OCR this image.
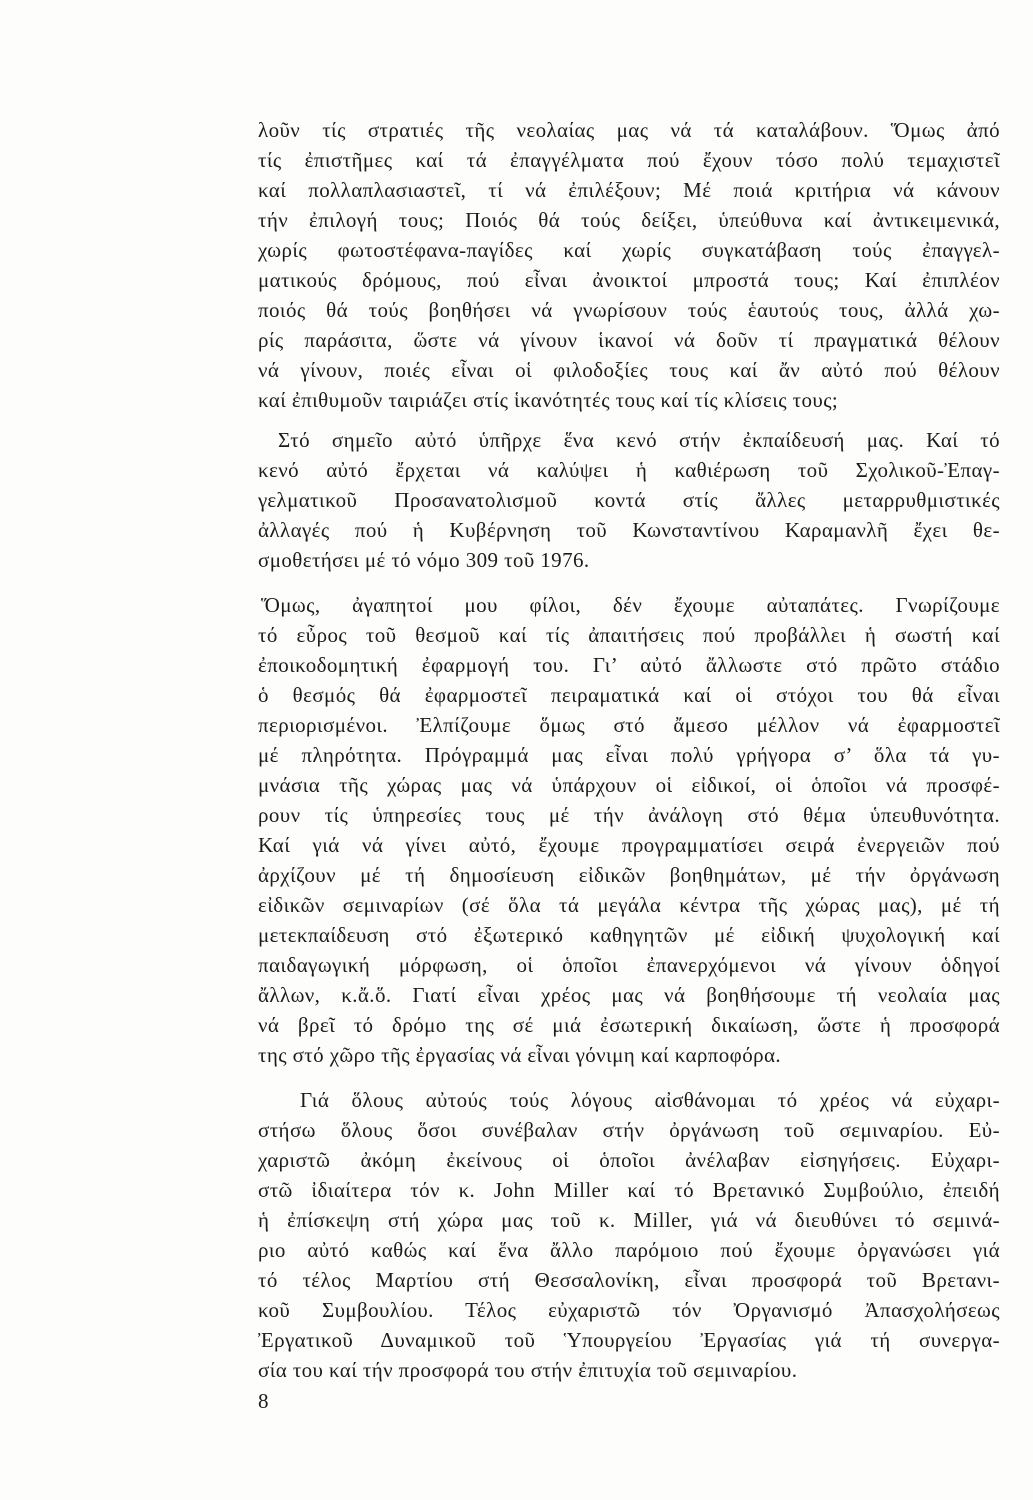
λοῦν τίς στρατιές τῆς νεολαίας μας νά τά καταλάβουν. Ὅμως ἀπό
τίς ἐπιστῆμες καί τά ἐπαγγέλματα πού ἔχουν τόσο πολύ τεμαχιστεῖ
καί πολλαπλασιαστεῖ, τί νά ἐπιλέξουν; Μέ ποιά κριτήρια νά κάνουν
τήν ἐπιλογή τους; Ποιός θά τούς δείξει, ὑπεύθυνα καί ἀντικειμενικά,
χωρίς φωτοστέφανα-παγίδες καί χωρίς συγκατάβαση τούς ἐπαγγελ-
ματικούς δρόμους, πού εἶναι ἀνοικτοί μπροστά τους; Καί ἐπιπλέον
ποιός θά τούς βοηθήσει νά γνωρίσουν τούς ἑαυτούς τους, ἀλλά χω-
ρίς παράσιτα, ὥστε νά γίνουν ἱκανοί νά δοῦν τί πραγματικά θέλουν
νά γίνουν, ποιές εἶναι οἱ φιλοδοξίες τους καί ἄν αὐτό πού θέλουν
καί ἐπιθυμοῦν ταιριάζει στίς ἱκανότητές τους καί τίς κλίσεις τους;
Στό σημεῖο αὐτό ὑπῆρχε ἕνα κενό στήν ἐκπαίδευσή μας. Καί τό
κενό αὐτό ἔρχεται νά καλύψει ἡ καθιέρωση τοῦ Σχολικοῦ-Ἐπαγ-
γελματικοῦ Προσανατολισμοῦ κοντά στίς ἄλλες μεταρρυθμιστικές
ἀλλαγές πού ἡ Κυβέρνηση τοῦ Κωνσταντίνου Καραμανλῆ ἔχει θε-
σμοθετήσει μέ τό νόμο 309 τοῦ 1976.
Ὅμως, ἀγαπητοί μου φίλοι, δέν ἔχουμε αὐταπάτες. Γνωρίζουμε
τό εὖρος τοῦ θεσμοῦ καί τίς ἀπαιτήσεις πού προβάλλει ἡ σωστή καί
ἐποικοδομητική ἐφαρμογή του. Γι’ αὐτό ἄλλωστε στό πρῶτο στάδιο
ὁ θεσμός θά ἐφαρμοστεῖ πειραματικά καί οἱ στόχοι του θά εἶναι
περιορισμένοι. Ἐλπίζουμε ὅμως στό ἄμεσο μέλλον νά ἐφαρμοστεῖ
μέ πληρότητα. Πρόγραμμά μας εἶναι πολύ γρήγορα σ’ ὅλα τά γυ-
μνάσια τῆς χώρας μας νά ὑπάρχουν οἱ εἰδικοί, οἱ ὁποῖοι νά προσφέ-
ρουν τίς ὑπηρεσίες τους μέ τήν ἀνάλογη στό θέμα ὑπευθυνότητα.
Καί γιά νά γίνει αὐτό, ἔχουμε προγραμματίσει σειρά ἐνεργειῶν πού
ἀρχίζουν μέ τή δημοσίευση εἰδικῶν βοηθημάτων, μέ τήν ὀργάνωση
εἰδικῶν σεμιναρίων (σέ ὅλα τά μεγάλα κέντρα τῆς χώρας μας), μέ τή
μετεκπαίδευση στό ἐξωτερικό καθηγητῶν μέ εἰδική ψυχολογική καί
παιδαγωγική μόρφωση, οἱ ὁποῖοι ἐπανερχόμενοι νά γίνουν ὁδηγοί
ἄλλων, κ.ἄ.ὅ. Γιατί εἶναι χρέος μας νά βοηθήσουμε τή νεολαία μας
νά βρεῖ τό δρόμο της σέ μιά ἐσωτερική δικαίωση, ὥστε ἡ προσφορά
της στό χῶρο τῆς ἐργασίας νά εἶναι γόνιμη καί καρποφόρα.
Γιά ὅλους αὐτούς τούς λόγους αἰσθάνομαι τό χρέος νά εὐχαρι-
στήσω ὅλους ὅσοι συνέβαλαν στήν ὀργάνωση τοῦ σεμιναρίου. Εὐ-
χαριστῶ ἀκόμη ἐκείνους οἱ ὁποῖοι ἀνέλαβαν εἰσηγήσεις. Εὐχαρι-
στῶ ἰδιαίτερα τόν κ. John Miller καί τό Βρετανικό Συμβούλιο, ἐπειδή
ἡ ἐπίσκεψη στή χώρα μας τοῦ κ. Miller, γιά νά διευθύνει τό σεμινά-
ριο αὐτό καθώς καί ἕνα ἄλλο παρόμοιο πού ἔχουμε ὀργανώσει γιά
τό τέλος Μαρτίου στή Θεσσαλονίκη, εἶναι προσφορά τοῦ Βρετανι-
κοῦ Συμβουλίου. Τέλος εὐχαριστῶ τόν Ὀργανισμό Ἀπασχολήσεως
Ἐργατικοῦ Δυναμικοῦ τοῦ Ὑπουργείου Ἐργασίας γιά τή συνεργα-
σία του καί τήν προσφορά του στήν ἐπιτυχία τοῦ σεμιναρίου.
8
